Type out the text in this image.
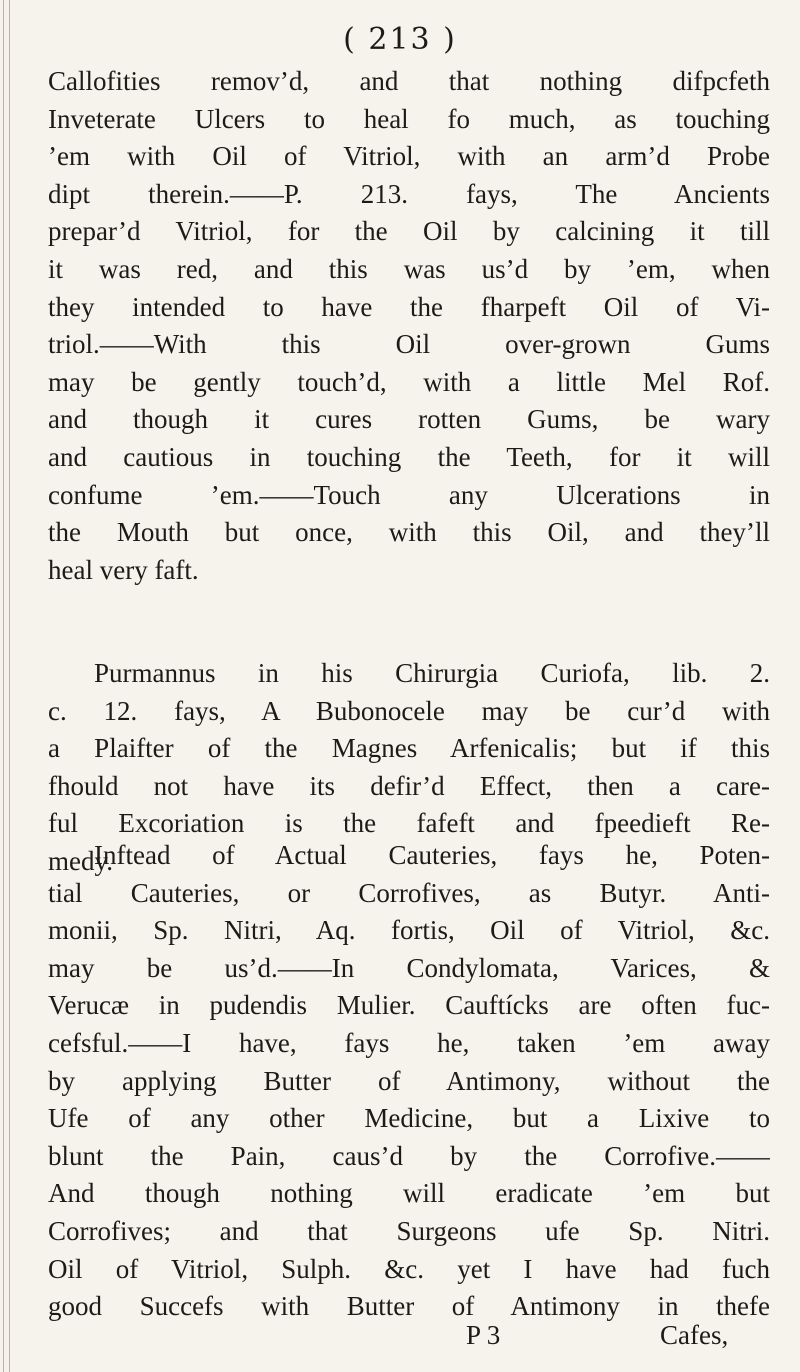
( 213 )
Callofities remov’d, and that nothing difpcfeth
Inveterate Ulcers to heal fo much, as touching
’em with Oil of Vitriol, with an arm’d Probe
dipt therein.——P. 213. fays, The Ancients
prepar’d Vitriol, for the Oil by calcining it till
it was red, and this was us’d by ’em, when
they intended to have the fharpeft Oil of Vi-
triol.——With this Oil over-grown Gums
may be gently touch’d, with a little Mel Rof.
and though it cures rotten Gums, be wary
and cautious in touching the Teeth, for it will
confume ’em.——Touch any Ulcerations in
the Mouth but once, with this Oil, and they’ll
heal very faft.
Purmannus in his Chirurgia Curiofa, lib. 2.
c. 12. fays, A Bubonocele may be cur’d with
a Plaifter of the Magnes Arfenicalis; but if this
fhould not have its defir’d Effect, then a care-
ful Excoriation is the fafeft and fpeedieft Re-
medy.
Inftead of Actual Cauteries, fays he, Poten-
tial Cauteries, or Corrofives, as Butyr. Anti-
monii, Sp. Nitri, Aq. fortis, Oil of Vitriol, &c.
may be us’d.——In Condylomata, Varices, &
Verucæ in pudendis Mulier. Cauftícks are often fuc-
cefsful.——I have, fays he, taken ’em away
by applying Butter of Antimony, without the
Ufe of any other Medicine, but a Lixive to
blunt the Pain, caus’d by the Corrofive.——
And though nothing will eradicate ’em but
Corrofives; and that Surgeons ufe Sp. Nitri.
Oil of Vitriol, Sulph. &c. yet I have had fuch
good Succefs with Butter of Antimony in thefe
P 3	Cafes,
